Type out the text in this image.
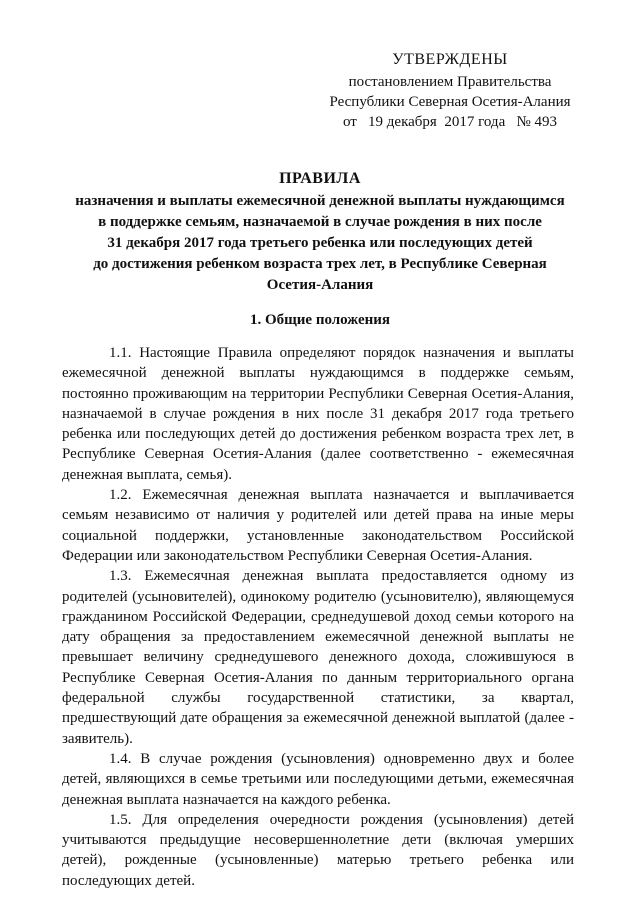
УТВЕРЖДЕНЫ
постановлением Правительства
Республики Северная Осетия-Алания
от   19 декабря  2017 года   № 493
ПРАВИЛА
назначения и выплаты ежемесячной денежной выплаты нуждающимся
в поддержке семьям, назначаемой в случае рождения в них после
31 декабря 2017 года третьего ребенка или последующих детей
до достижения ребенком возраста трех лет, в Республике Северная
Осетия-Алания
1. Общие положения

1.1. Настоящие Правила определяют порядок назначения и выплаты ежемесячной денежной выплаты нуждающимся в поддержке семьям, постоянно проживающим на территории Республики Северная Осетия-Алания, назначаемой в случае рождения в них после 31 декабря 2017 года третьего ребенка или последующих детей до достижения ребенком возраста трех лет, в Республике Северная Осетия-Алания (далее соответственно - ежемесячная денежная выплата, семья).

1.2. Ежемесячная денежная выплата назначается и выплачивается семьям независимо от наличия у родителей или детей права на иные меры социальной поддержки, установленные законодательством Российской Федерации или законодательством Республики Северная Осетия-Алания.

1.3. Ежемесячная денежная выплата предоставляется одному из родителей (усыновителей), одинокому родителю (усыновителю), являющемуся гражданином Российской Федерации, среднедушевой доход семьи которого на дату обращения за предоставлением ежемесячной денежной выплаты не превышает величину среднедушевого денежного дохода, сложившуюся в Республике Северная Осетия-Алания по данным территориального органа федеральной службы государственной статистики, за квартал, предшествующий дате обращения за ежемесячной денежной выплатой (далее - заявитель).

1.4. В случае рождения (усыновления) одновременно двух и более детей, являющихся в семье третьими или последующими детьми, ежемесячная денежная выплата назначается на каждого ребенка.

1.5. Для определения очередности рождения (усыновления) детей учитываются предыдущие несовершеннолетние дети (включая умерших детей), рожденные (усыновленные) матерью третьего ребенка или последующих детей.
